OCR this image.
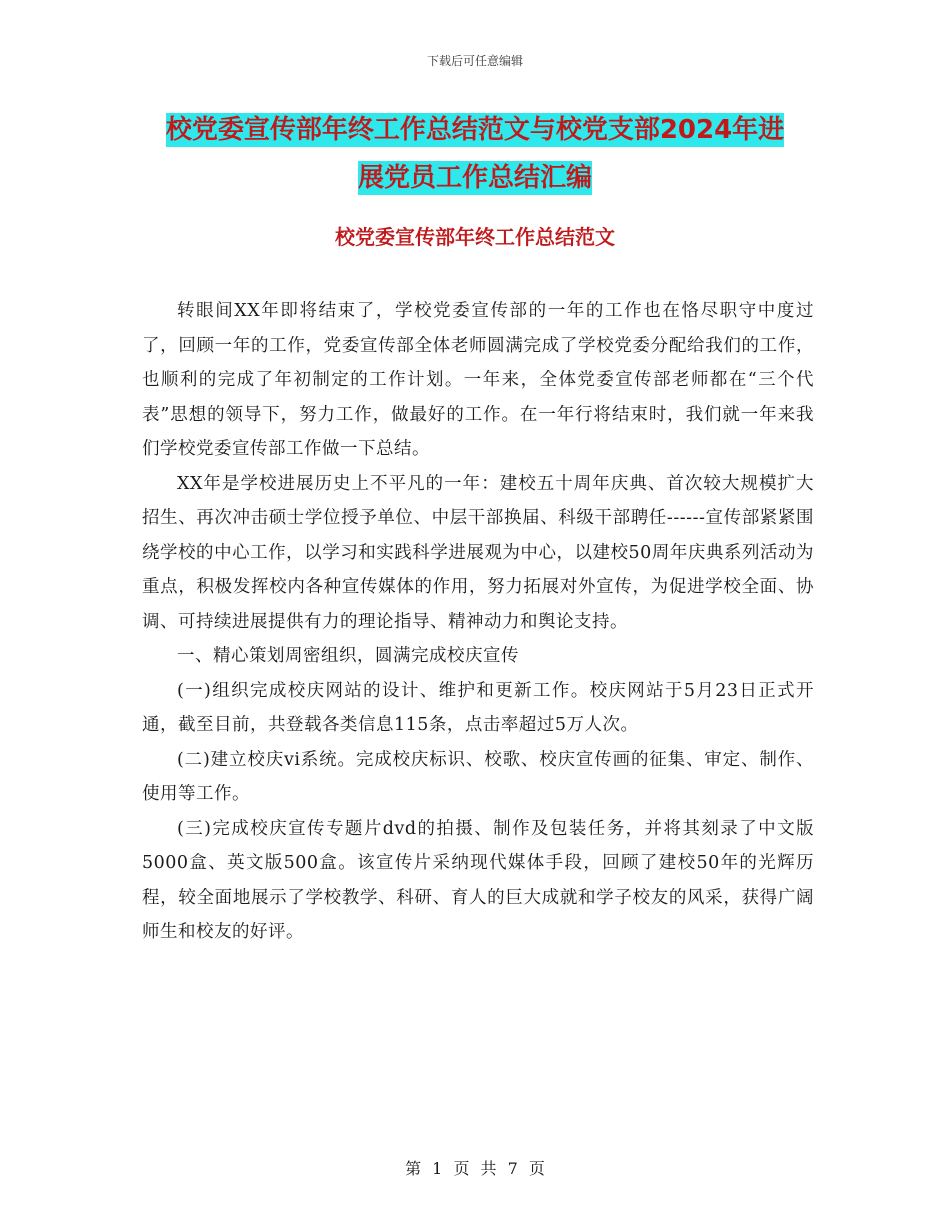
下载后可任意编辑
校党委宣传部年终工作总结范文与校党支部2024年进
展党员工作总结汇编
校党委宣传部年终工作总结范文

转眼间XX年即将结束了，学校党委宣传部的一年的工作也在恪尽职守中度过了，回顾一年的工作，党委宣传部全体老师圆满完成了学校党委分配给我们的工作，也顺利的完成了年初制定的工作计划。一年来，全体党委宣传部老师都在“三个代表”思想的领导下，努力工作，做最好的工作。在一年行将结束时，我们就一年来我们学校党委宣传部工作做一下总结。

XX年是学校进展历史上不平凡的一年：建校五十周年庆典、首次较大规模扩大招生、再次冲击硕士学位授予单位、中层干部换届、科级干部聘任------宣传部紧紧围绕学校的中心工作，以学习和实践科学进展观为中心，以建校50周年庆典系列活动为重点，积极发挥校内各种宣传媒体的作用，努力拓展对外宣传，为促进学校全面、协调、可持续进展提供有力的理论指导、精神动力和舆论支持。

一、精心策划周密组织，圆满完成校庆宣传

(一)组织完成校庆网站的设计、维护和更新工作。校庆网站于5月23日正式开通，截至目前，共登载各类信息115条，点击率超过5万人次。

(二)建立校庆vi系统。完成校庆标识、校歌、校庆宣传画的征集、审定、制作、使用等工作。

(三)完成校庆宣传专题片dvd的拍摄、制作及包装任务，并将其刻录了中文版5000盒、英文版500盒。该宣传片采纳现代媒体手段，回顾了建校50年的光辉历程，较全面地展示了学校教学、科研、育人的巨大成就和学子校友的风采，获得广阔师生和校友的好评。

第 1 页 共 7 页
